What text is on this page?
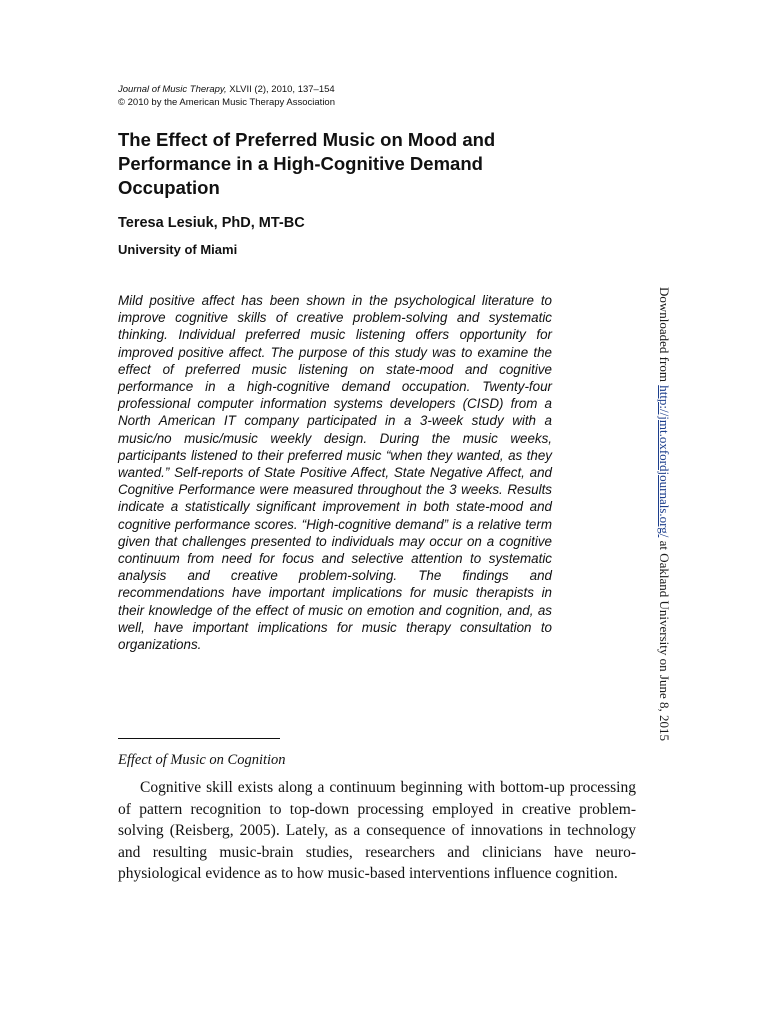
Journal of Music Therapy, XLVII (2), 2010, 137–154
© 2010 by the American Music Therapy Association
The Effect of Preferred Music on Mood and Performance in a High-Cognitive Demand Occupation
Teresa Lesiuk, PhD, MT-BC
University of Miami

Mild positive affect has been shown in the psychological literature to improve cognitive skills of creative problem-solving and systematic thinking. Individual preferred music listening offers opportunity for improved positive affect. The purpose of this study was to examine the effect of preferred music listening on state-mood and cognitive performance in a high-cognitive demand occupation. Twenty-four professional computer information systems developers (CISD) from a North American IT company participated in a 3-week study with a music/no music/music weekly design. During the music weeks, participants listened to their preferred music “when they wanted, as they wanted.” Self-reports of State Positive Affect, State Negative Affect, and Cognitive Performance were measured throughout the 3 weeks. Results indicate a statistically significant improvement in both state-mood and cognitive performance scores. “High-cognitive demand” is a relative term given that challenges presented to individuals may occur on a cognitive continuum from need for focus and selective attention to systematic analysis and creative problem-solving. The findings and recommendations have important implications for music therapists in their knowledge of the effect of music on emotion and cognition, and, as well, have important implications for music therapy consultation to organizations.

Effect of Music on Cognition

Cognitive skill exists along a continuum beginning with bottom-up processing of pattern recognition to top-down processing employed in creative problem-solving (Reisberg, 2005). Lately, as a consequence of innovations in technology and resulting music-brain studies, researchers and clinicians have neuro-physiological evidence as to how music-based interventions influence cognition.

Downloaded from http://jmt.oxfordjournals.org/ at Oakland University on June 8, 2015
